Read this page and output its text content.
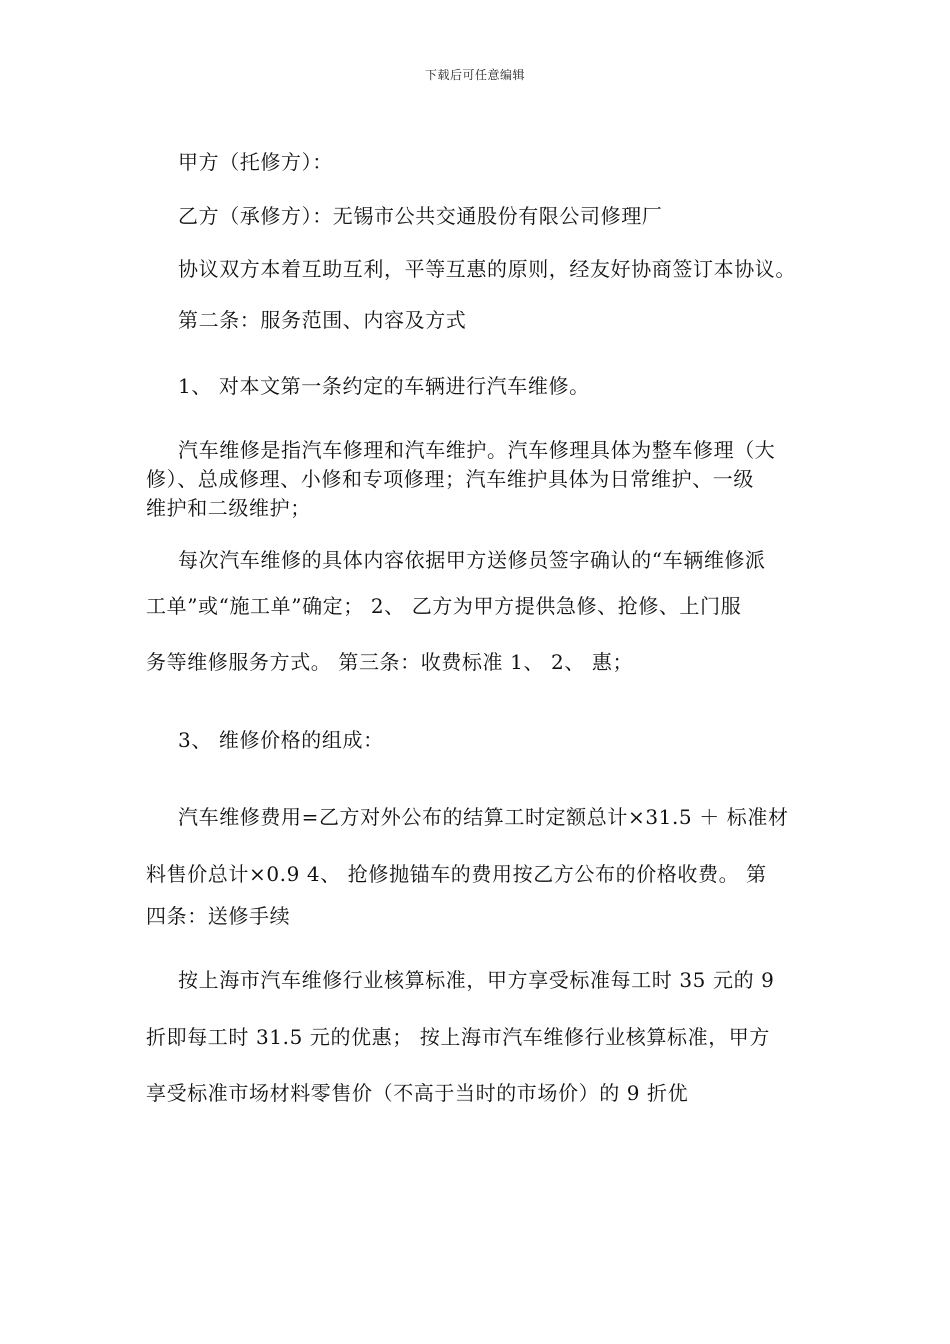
下载后可任意编辑
甲方（托修方）：
乙方（承修方）：无锡市公共交通股份有限公司修理厂
协议双方本着互助互利，平等互惠的原则，经友好协商签订本协议。
第二条：服务范围、内容及方式
1、 对本文第一条约定的车辆进行汽车维修。
汽车维修是指汽车修理和汽车维护。汽车修理具体为整车修理（大
修）、总成修理、小修和专项修理；汽车维护具体为日常维护、一级
维护和二级维护；
每次汽车维修的具体内容依据甲方送修员签字确认的“车辆维修派
工单”或“施工单”确定； 2、 乙方为甲方提供急修、抢修、上门服
务等维修服务方式。 第三条：收费标准 1、 2、 惠；
3、 维修价格的组成：
汽车维修费用=乙方对外公布的结算工时定额总计×31.5 ＋ 标准材
料售价总计×0.9 4、 抢修抛锚车的费用按乙方公布的价格收费。 第
四条：送修手续
按上海市汽车维修行业核算标准，甲方享受标准每工时 35 元的 9
折即每工时 31.5 元的优惠； 按上海市汽车维修行业核算标准，甲方
享受标准市场材料零售价（不高于当时的市场价）的 9 折优
